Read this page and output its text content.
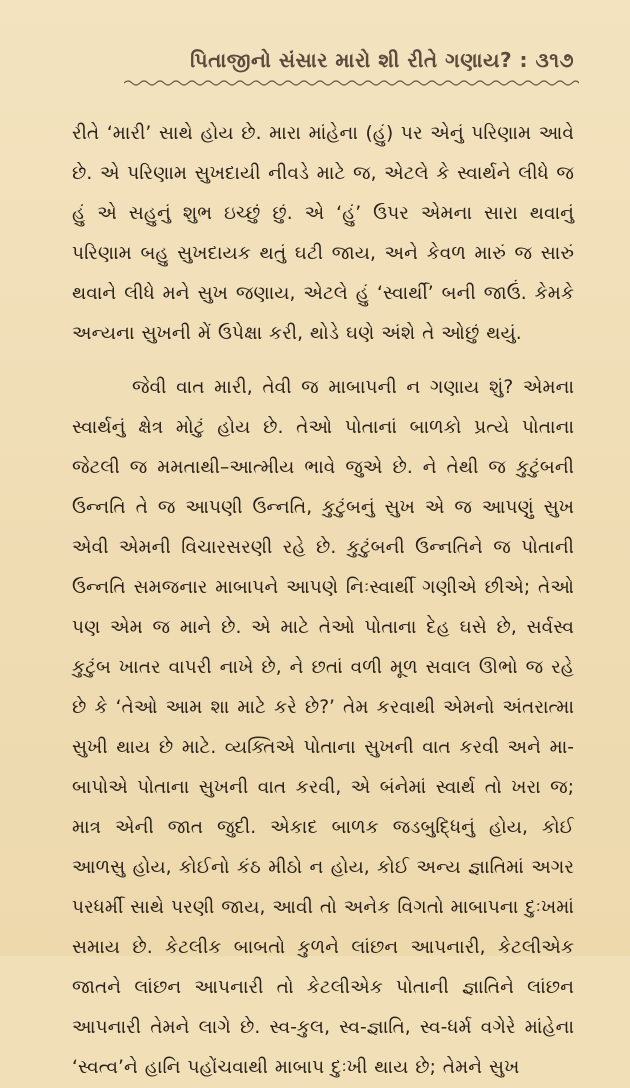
પિતાજીનો સંસાર મારો શી રીતે ગણાય? : ૩૧૭

રીતે ‘મારી’ સાથે હોય છે. મારા માંહેના (હું) પર એનું પરિણામ આવે છે. એ પરિણામ સુખદાયી નીવડે માટે જ, એટલે કે સ્વાર્થને લીધે જ હું એ સહુનું શુભ ઇચ્છું છું. એ ‘હું’ ઉપર એમના સારા થવાનું પરિણામ બહુ સુખદાયક થતું ઘટી જાય, અને કેવળ મારું જ સારું થવાને લીધે મને સુખ જણાય, એટલે હું ‘સ્વાર્થી’ બની જાઉં. કેમકે અન્યના સુખની મેં ઉપેક્ષા કરી, થોડે ઘણે અંશે તે ઓછું થયું.

જેવી વાત મારી, તેવી જ માબાપની ન ગણાય શું? એમના સ્વાર્થનું ક્ષેત્ર મોટું હોય છે. તેઓ પોતાનાં બાળકો પ્રત્યે પોતાના જેટલી જ મમતાથી–આત્મીય ભાવે જુએ છે. ને તેથી જ કુટુંબની ઉન્નતિ તે જ આપણી ઉન્નતિ, કુટુંબનું સુખ એ જ આપણું સુખ એવી એમની વિચારસરણી રહે છે. કુટુંબની ઉન્નતિને જ પોતાની ઉન્નતિ સમજનાર માબાપને આપણે નિઃસ્વાર્થી ગણીએ છીએ; તેઓ પણ એમ જ માને છે. એ માટે તેઓ પોતાના દેહ ઘસે છે, સર્વસ્વ કુટુંબ ખાતર વાપરી નાખે છે, ને છતાં વળી મૂળ સવાલ ઊભો જ રહે છે કે ‘તેઓ આમ શા માટે કરે છે?’ તેમ કરવાથી એમનો અંતરાત્મા સુખી થાય છે માટે. વ્યક્તિએ પોતાના સુખની વાત કરવી અને મા-બાપોએ પોતાના સુખની વાત કરવી, એ બંનેમાં સ્વાર્થ તો ખરા જ; માત્ર એની જાત જુદી. એકાદ બાળક જડબુદ્ધિનું હોય, કોઈ આળસુ હોય, કોઈનો કંઠ મીઠો ન હોય, કોઈ અન્ય જ્ઞાતિમાં અગર પરધર્મી સાથે પરણી જાય, આવી તો અનેક વિગતો માબાપના દુઃખમાં સમાય છે. કેટલીક બાબતો કુળને લાંછન આપનારી, કેટલીએક જાતને લાંછન આપનારી તો કેટલીએક પોતાની જ્ઞાતિને લાંછન આપનારી તેમને લાગે છે. સ્વ-કુલ, સ્વ-જ્ઞાતિ, સ્વ-ધર્મ વગેરે માંહેના ‘સ્વત્વ’ને હાનિ પહોંચવાથી માબાપ દુઃખી થાય છે; તેમને સુખ
